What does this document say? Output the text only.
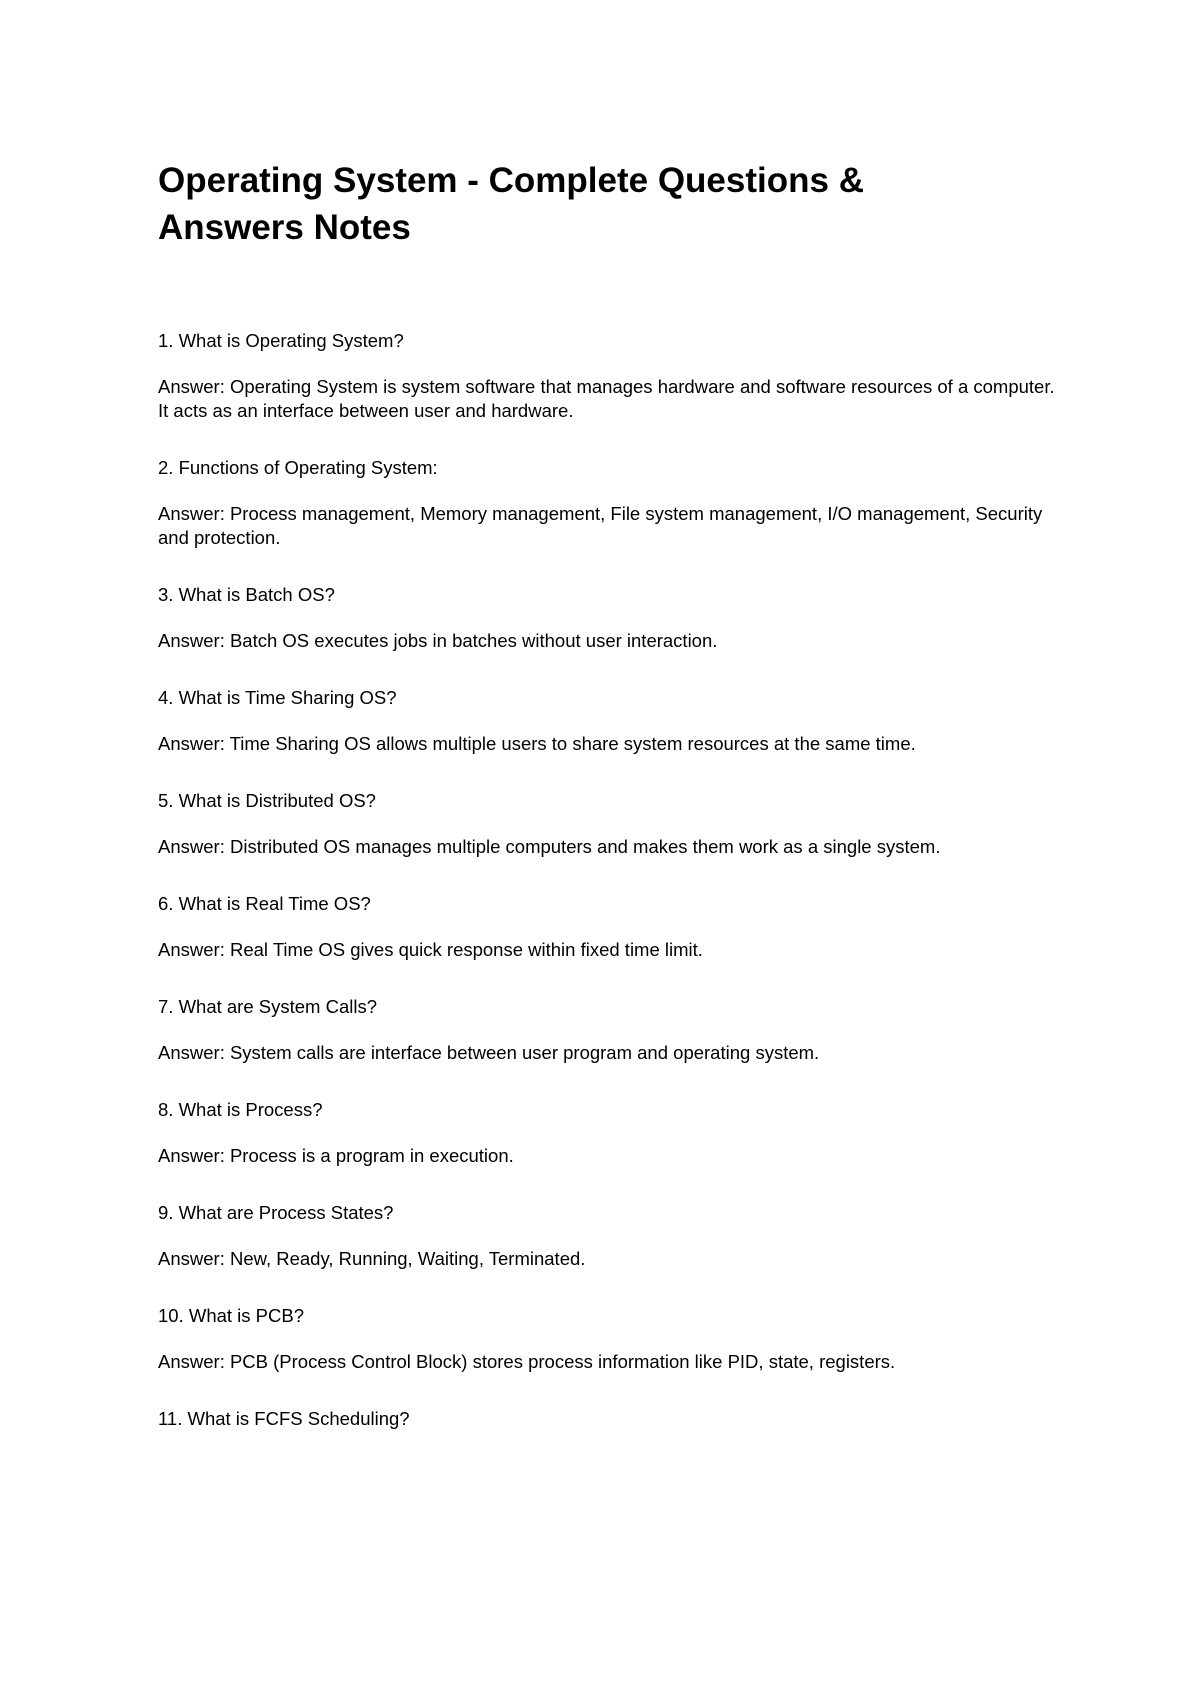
Operating System - Complete Questions & Answers Notes

1. What is Operating System?

Answer: Operating System is system software that manages hardware and software resources of a computer. It acts as an interface between user and hardware.

2. Functions of Operating System:

Answer: Process management, Memory management, File system management, I/O management, Security and protection.

3. What is Batch OS?

Answer: Batch OS executes jobs in batches without user interaction.

4. What is Time Sharing OS?

Answer: Time Sharing OS allows multiple users to share system resources at the same time.

5. What is Distributed OS?

Answer: Distributed OS manages multiple computers and makes them work as a single system.

6. What is Real Time OS?

Answer: Real Time OS gives quick response within fixed time limit.

7. What are System Calls?

Answer: System calls are interface between user program and operating system.

8. What is Process?

Answer: Process is a program in execution.

9. What are Process States?

Answer: New, Ready, Running, Waiting, Terminated.

10. What is PCB?

Answer: PCB (Process Control Block) stores process information like PID, state, registers.

11. What is FCFS Scheduling?
